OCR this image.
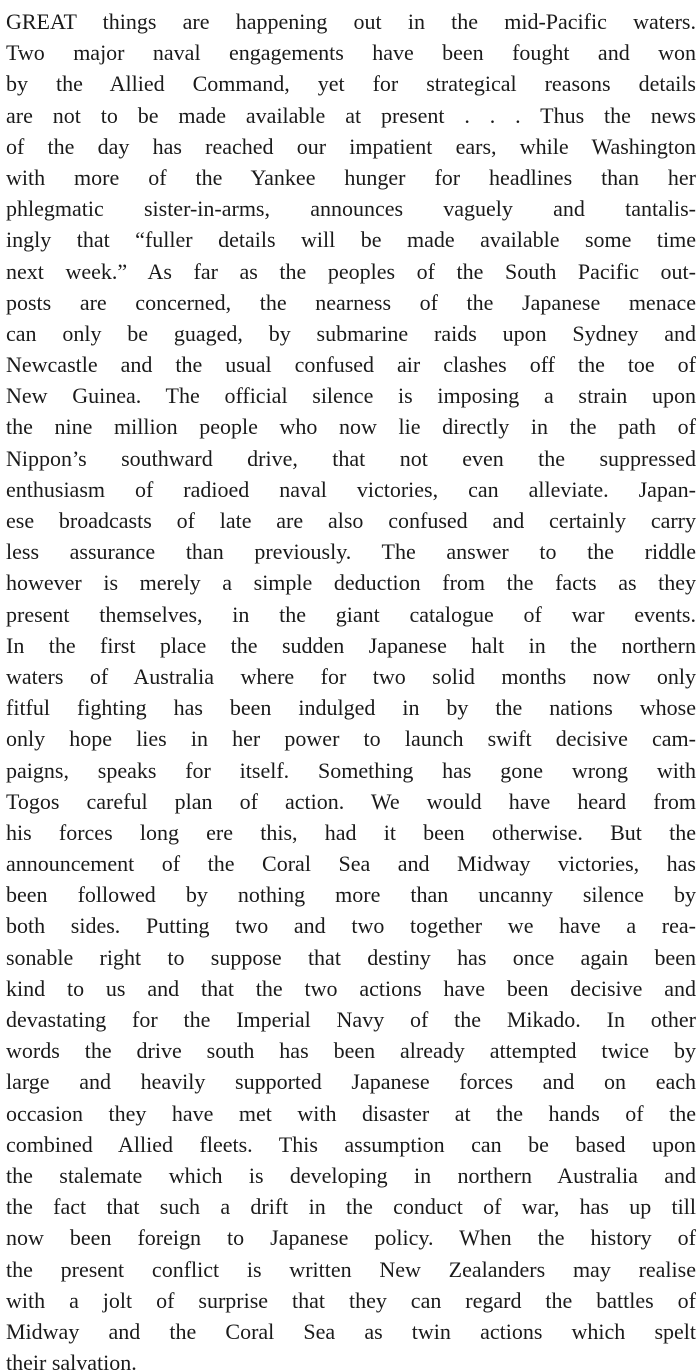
GREAT things are happening out in the mid-Pacific waters.
Two major naval engagements have been fought and won
by the Allied Command, yet for strategical reasons details
are not to be made available at present . . . Thus the news
of the day has reached our impatient ears, while Washington
with more of the Yankee hunger for headlines than her
phlegmatic sister-in-arms, announces vaguely and tantalis-
ingly that “fuller details will be made available some time
next week.” As far as the peoples of the South Pacific out-
posts are concerned, the nearness of the Japanese menace
can only be guaged, by submarine raids upon Sydney and
Newcastle and the usual confused air clashes off the toe of
New Guinea. The official silence is imposing a strain upon
the nine million people who now lie directly in the path of
Nippon’s southward drive, that not even the suppressed
enthusiasm of radioed naval victories, can alleviate. Japan-
ese broadcasts of late are also confused and certainly carry
less assurance than previously. The answer to the riddle
however is merely a simple deduction from the facts as they
present themselves, in the giant catalogue of war events.
In the first place the sudden Japanese halt in the northern
waters of Australia where for two solid months now only
fitful fighting has been indulged in by the nations whose
only hope lies in her power to launch swift decisive cam-
paigns, speaks for itself. Something has gone wrong with
Togos careful plan of action. We would have heard from
his forces long ere this, had it been otherwise. But the
announcement of the Coral Sea and Midway victories, has
been followed by nothing more than uncanny silence by
both sides. Putting two and two together we have a rea-
sonable right to suppose that destiny has once again been
kind to us and that the two actions have been decisive and
devastating for the Imperial Navy of the Mikado. In other
words the drive south has been already attempted twice by
large and heavily supported Japanese forces and on each
occasion they have met with disaster at the hands of the
combined Allied fleets. This assumption can be based upon
the stalemate which is developing in northern Australia and
the fact that such a drift in the conduct of war, has up till
now been foreign to Japanese policy. When the history of
the present conflict is written New Zealanders may realise
with a jolt of surprise that they can regard the battles of
Midway and the Coral Sea as twin actions which spelt
their salvation.
